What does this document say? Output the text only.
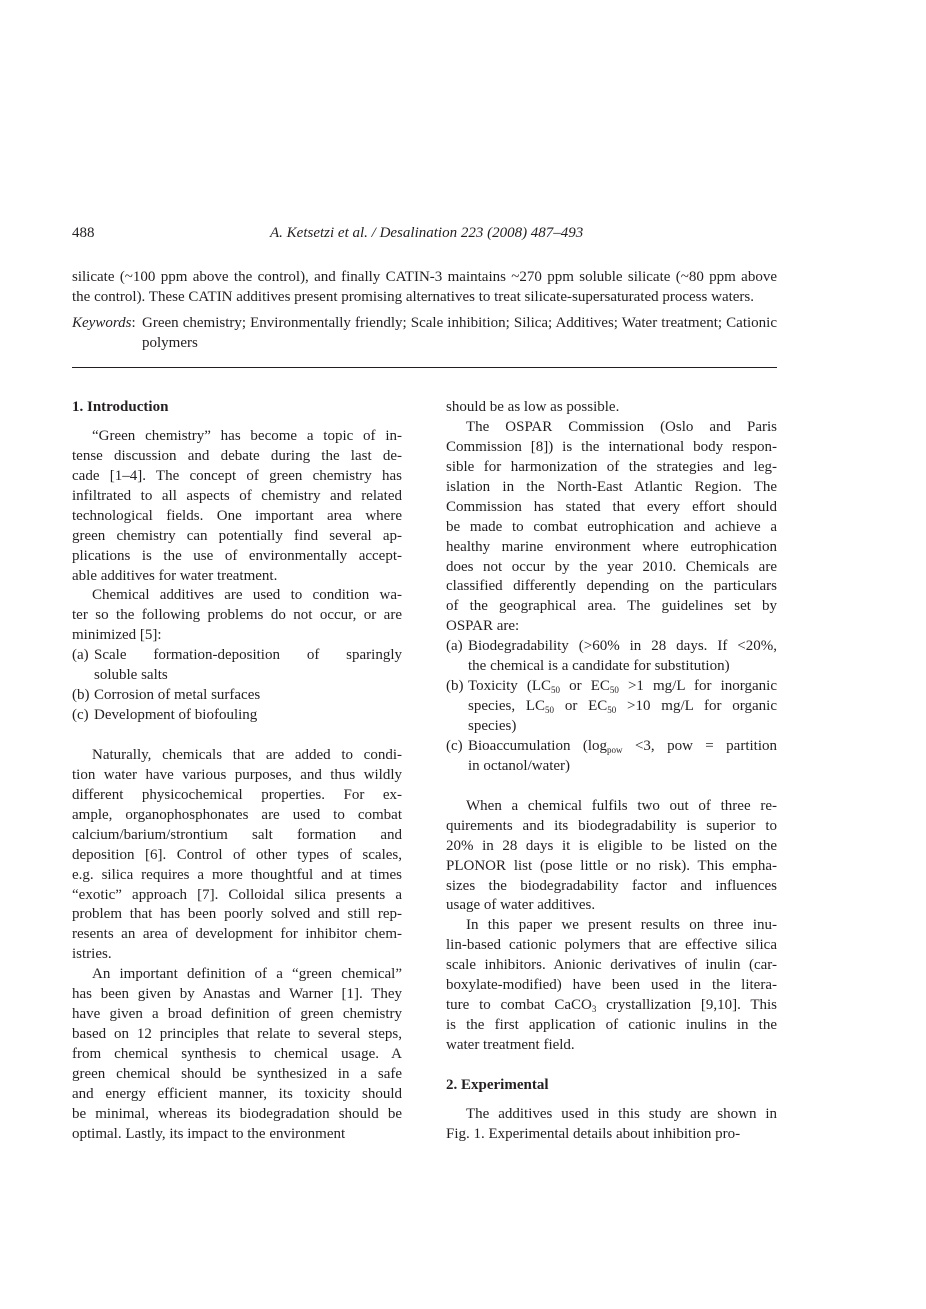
488	A. Ketsetzi et al. / Desalination 223 (2008) 487–493
silicate (~100 ppm above the control), and finally CATIN-3 maintains ~270 ppm soluble silicate (~80 ppm above
the control). These CATIN additives present promising alternatives to treat silicate-supersaturated process waters.
Keywords: Green chemistry; Environmentally friendly; Scale inhibition; Silica; Additives; Water treatment; Cationic
polymers
1. Introduction
“Green chemistry” has become a topic of in-
tense discussion and debate during the last de-
cade [1–4]. The concept of green chemistry has
infiltrated to all aspects of chemistry and related
technological fields. One important area where
green chemistry can potentially find several ap-
plications is the use of environmentally accept-
able additives for water treatment.
Chemical additives are used to condition wa-
ter so the following problems do not occur, or are
minimized [5]:
(a) Scale formation-deposition of sparingly
soluble salts
(b) Corrosion of metal surfaces
(c) Development of biofouling
Naturally, chemicals that are added to condi-
tion water have various purposes, and thus wildly
different physicochemical properties. For ex-
ample, organophosphonates are used to combat
calcium/barium/strontium salt formation and
deposition [6]. Control of other types of scales,
e.g. silica requires a more thoughtful and at times
“exotic” approach [7]. Colloidal silica presents a
problem that has been poorly solved and still rep-
resents an area of development for inhibitor chem-
istries.
An important definition of a “green chemical”
has been given by Anastas and Warner [1]. They
have given a broad definition of green chemistry
based on 12 principles that relate to several steps,
from chemical synthesis to chemical usage. A
green chemical should be synthesized in a safe
and energy efficient manner, its toxicity should
be minimal, whereas its biodegradation should be
optimal. Lastly, its impact to the environment
should be as low as possible.
The OSPAR Commission (Oslo and Paris
Commission [8]) is the international body respon-
sible for harmonization of the strategies and leg-
islation in the North-East Atlantic Region. The
Commission has stated that every effort should
be made to combat eutrophication and achieve a
healthy marine environment where eutrophication
does not occur by the year 2010. Chemicals are
classified differently depending on the particulars
of the geographical area. The guidelines set by
OSPAR are:
(a) Biodegradability (>60% in 28 days. If <20%,
the chemical is a candidate for substitution)
(b) Toxicity ($LC_{50}$ or $EC_{50} >1$ mg/L for inorganic
species, $LC_{50}$ or $EC_{50} >10$ mg/L for organic
species)
(c) Bioaccumulation ($\log_{pow} <3$, pow = partition
in octanol/water)
When a chemical fulfils two out of three re-
quirements and its biodegradability is superior to
20% in 28 days it is eligible to be listed on the
PLONOR list (pose little or no risk). This empha-
sizes the biodegradability factor and influences
usage of water additives.
In this paper we present results on three inu-
lin-based cationic polymers that are effective silica
scale inhibitors. Anionic derivatives of inulin (car-
boxylate-modified) have been used in the litera-
ture to combat CaCO$_3$ crystallization [9,10]. This
is the first application of cationic inulins in the
water treatment field.
2. Experimental
The additives used in this study are shown in
Fig. 1. Experimental details about inhibition pro-
